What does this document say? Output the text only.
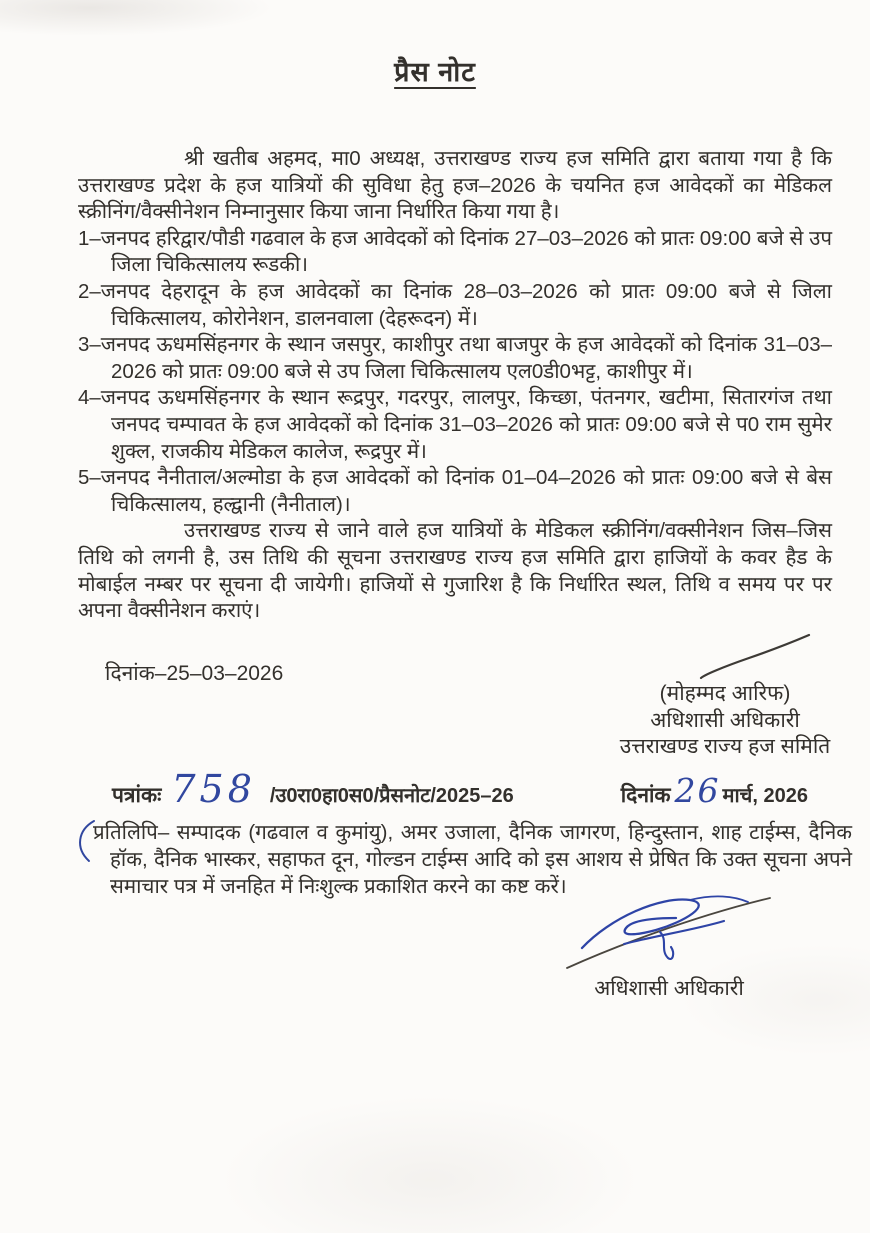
प्रैस नोट

श्री खतीब अहमद, मा0 अध्यक्ष, उत्तराखण्ड राज्य हज समिति द्वारा बताया गया है कि उत्तराखण्ड प्रदेश के हज यात्रियों की सुविधा हेतु हज–2026 के चयनित हज आवेदकों का मेडिकल स्क्रीनिंग/वैक्सीनेशन निम्नानुसार किया जाना निर्धारित किया गया है।

1–जनपद हरिद्वार/पौडी गढवाल के हज आवेदकों को दिनांक 27–03–2026 को प्रातः 09:00 बजे से उप जिला चिकित्सालय रूडकी।

2–जनपद देहरादून के हज आवेदकों का दिनांक 28–03–2026 को प्रातः 09:00 बजे से जिला चिकित्सालय, कोरोनेशन, डालनवाला (देहरूदन) में।

3–जनपद ऊधमसिंहनगर के स्थान जसपुर, काशीपुर तथा बाजपुर के हज आवेदकों को दिनांक 31–03–2026 को प्रातः 09:00 बजे से उप जिला चिकित्सालय एल0डी0भट्ट, काशीपुर में।

4–जनपद ऊधमसिंहनगर के स्थान रूद्रपुर, गदरपुर, लालपुर, किच्छा, पंतनगर, खटीमा, सितारगंज तथा जनपद चम्पावत के हज आवेदकों को दिनांक 31–03–2026 को प्रातः 09:00 बजे से प0 राम सुमेर शुक्ल, राजकीय मेडिकल कालेज, रूद्रपुर में।

5–जनपद नैनीताल/अल्मोडा के हज आवेदकों को दिनांक 01–04–2026 को प्रातः 09:00 बजे से बेस चिकित्सालय, हल्द्वानी (नैनीताल)।

उत्तराखण्ड राज्य से जाने वाले हज यात्रियों के मेडिकल स्क्रीनिंग/वक्सीनेशन जिस–जिस तिथि को लगनी है, उस तिथि की सूचना उत्तराखण्ड राज्य हज समिति द्वारा हाजियों के कवर हैड के मोबाईल नम्बर पर सूचना दी जायेगी। हाजियों से गुजारिश है कि निर्धारित स्थल, तिथि व समय पर पर अपना वैक्सीनेशन कराएं।

दिनांक–25–03–2026
(मोहम्मद आरिफ)
अधिशासी अधिकारी
उत्तराखण्ड राज्य हज समिति
पत्रांकः 758 /उ0रा0हा0स0/प्रैसनोट/2025–26	दिनांक 26 मार्च, 2026

प्रतिलिपि– सम्पादक (गढवाल व कुमांयु), अमर उजाला, दैनिक जागरण, हिन्दुस्तान, शाह टाईम्स, दैनिक हॉक, दैनिक भास्कर, सहाफत दून, गोल्डन टाईम्स आदि को इस आशय से प्रेषित कि उक्त सूचना अपने समाचार पत्र में जनहित में निःशुल्क प्रकाशित करने का कष्ट करें।

अधिशासी अधिकारी
